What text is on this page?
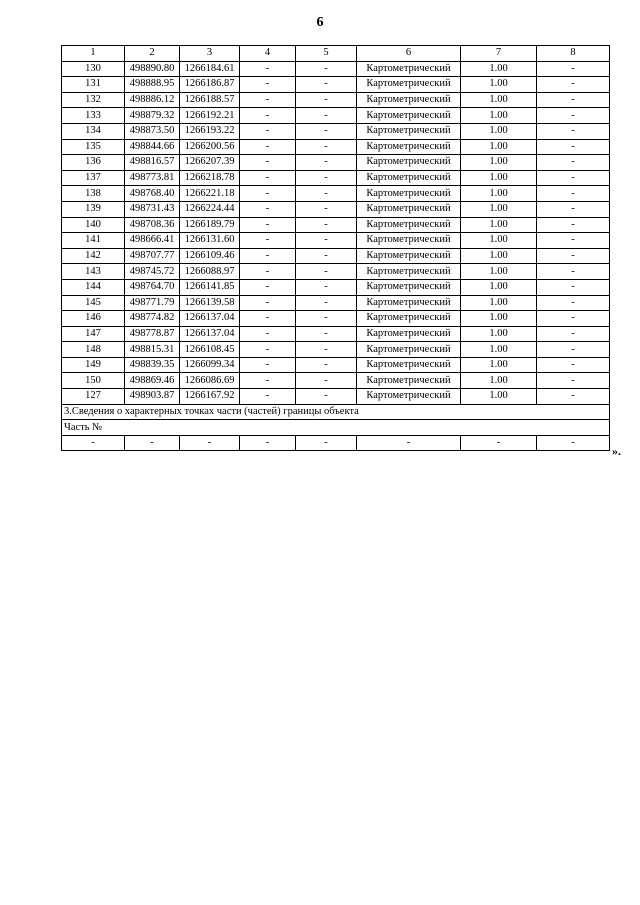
6
1	2	3	4	5	6	7	8
130	498890.80	1266184.61	-	-	Картометрический	1.00	-
131	498888.95	1266186.87	-	-	Картометрический	1.00	-
132	498886.12	1266188.57	-	-	Картометрический	1.00	-
133	498879.32	1266192.21	-	-	Картометрический	1.00	-
134	498873.50	1266193.22	-	-	Картометрический	1.00	-
135	498844.66	1266200.56	-	-	Картометрический	1.00	-
136	498816.57	1266207.39	-	-	Картометрический	1.00	-
137	498773.81	1266218.78	-	-	Картометрический	1.00	-
138	498768.40	1266221.18	-	-	Картометрический	1.00	-
139	498731.43	1266224.44	-	-	Картометрический	1.00	-
140	498708.36	1266189.79	-	-	Картометрический	1.00	-
141	498666.41	1266131.60	-	-	Картометрический	1.00	-
142	498707.77	1266109.46	-	-	Картометрический	1.00	-
143	498745.72	1266088.97	-	-	Картометрический	1.00	-
144	498764.70	1266141.85	-	-	Картометрический	1.00	-
145	498771.79	1266139.58	-	-	Картометрический	1.00	-
146	498774.82	1266137.04	-	-	Картометрический	1.00	-
147	498778.87	1266137.04	-	-	Картометрический	1.00	-
148	498815.31	1266108.45	-	-	Картометрический	1.00	-
149	498839.35	1266099.34	-	-	Картометрический	1.00	-
150	498869.46	1266086.69	-	-	Картометрический	1.00	-
127	498903.87	1266167.92	-	-	Картометрический	1.00	-
3.Сведения о характерных точках части (частей) границы объекта							
Часть №							
-	-	-	-	-	-	-	-
».
